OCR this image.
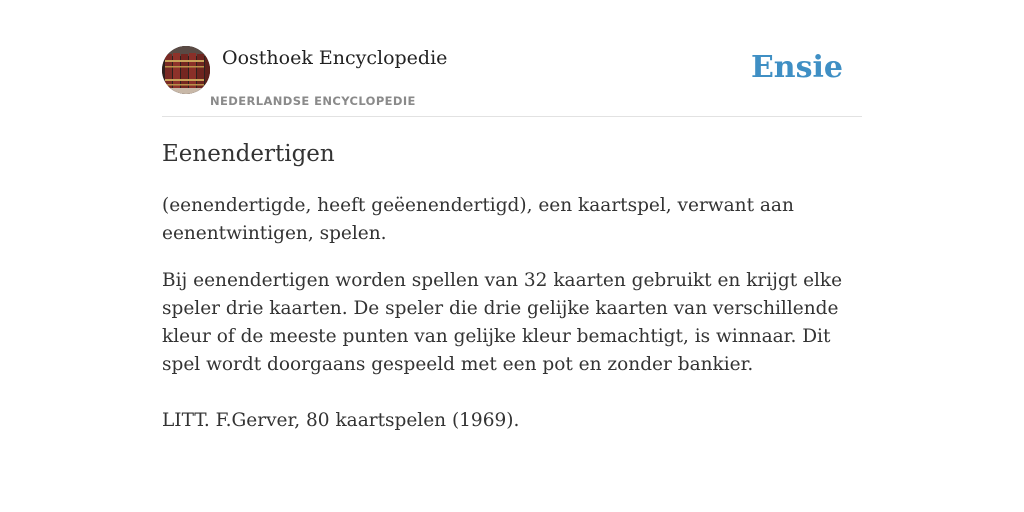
Oosthoek Encyclopedie
NEDERLANDSE ENCYCLOPEDIE
Ensie
Eenendertigen

(eenendertigde, heeft geëenendertigd), een kaartspel, verwant aan eenentwintigen, spelen.

Bij eenendertigen worden spellen van 32 kaarten gebruikt en krijgt elke speler drie kaarten. De speler die drie gelijke kaarten van verschillende kleur of de meeste punten van gelijke kleur bemachtigt, is winnaar. Dit spel wordt doorgaans gespeeld met een pot en zonder bankier.

LITT. F.Gerver, 80 kaartspelen (1969).
